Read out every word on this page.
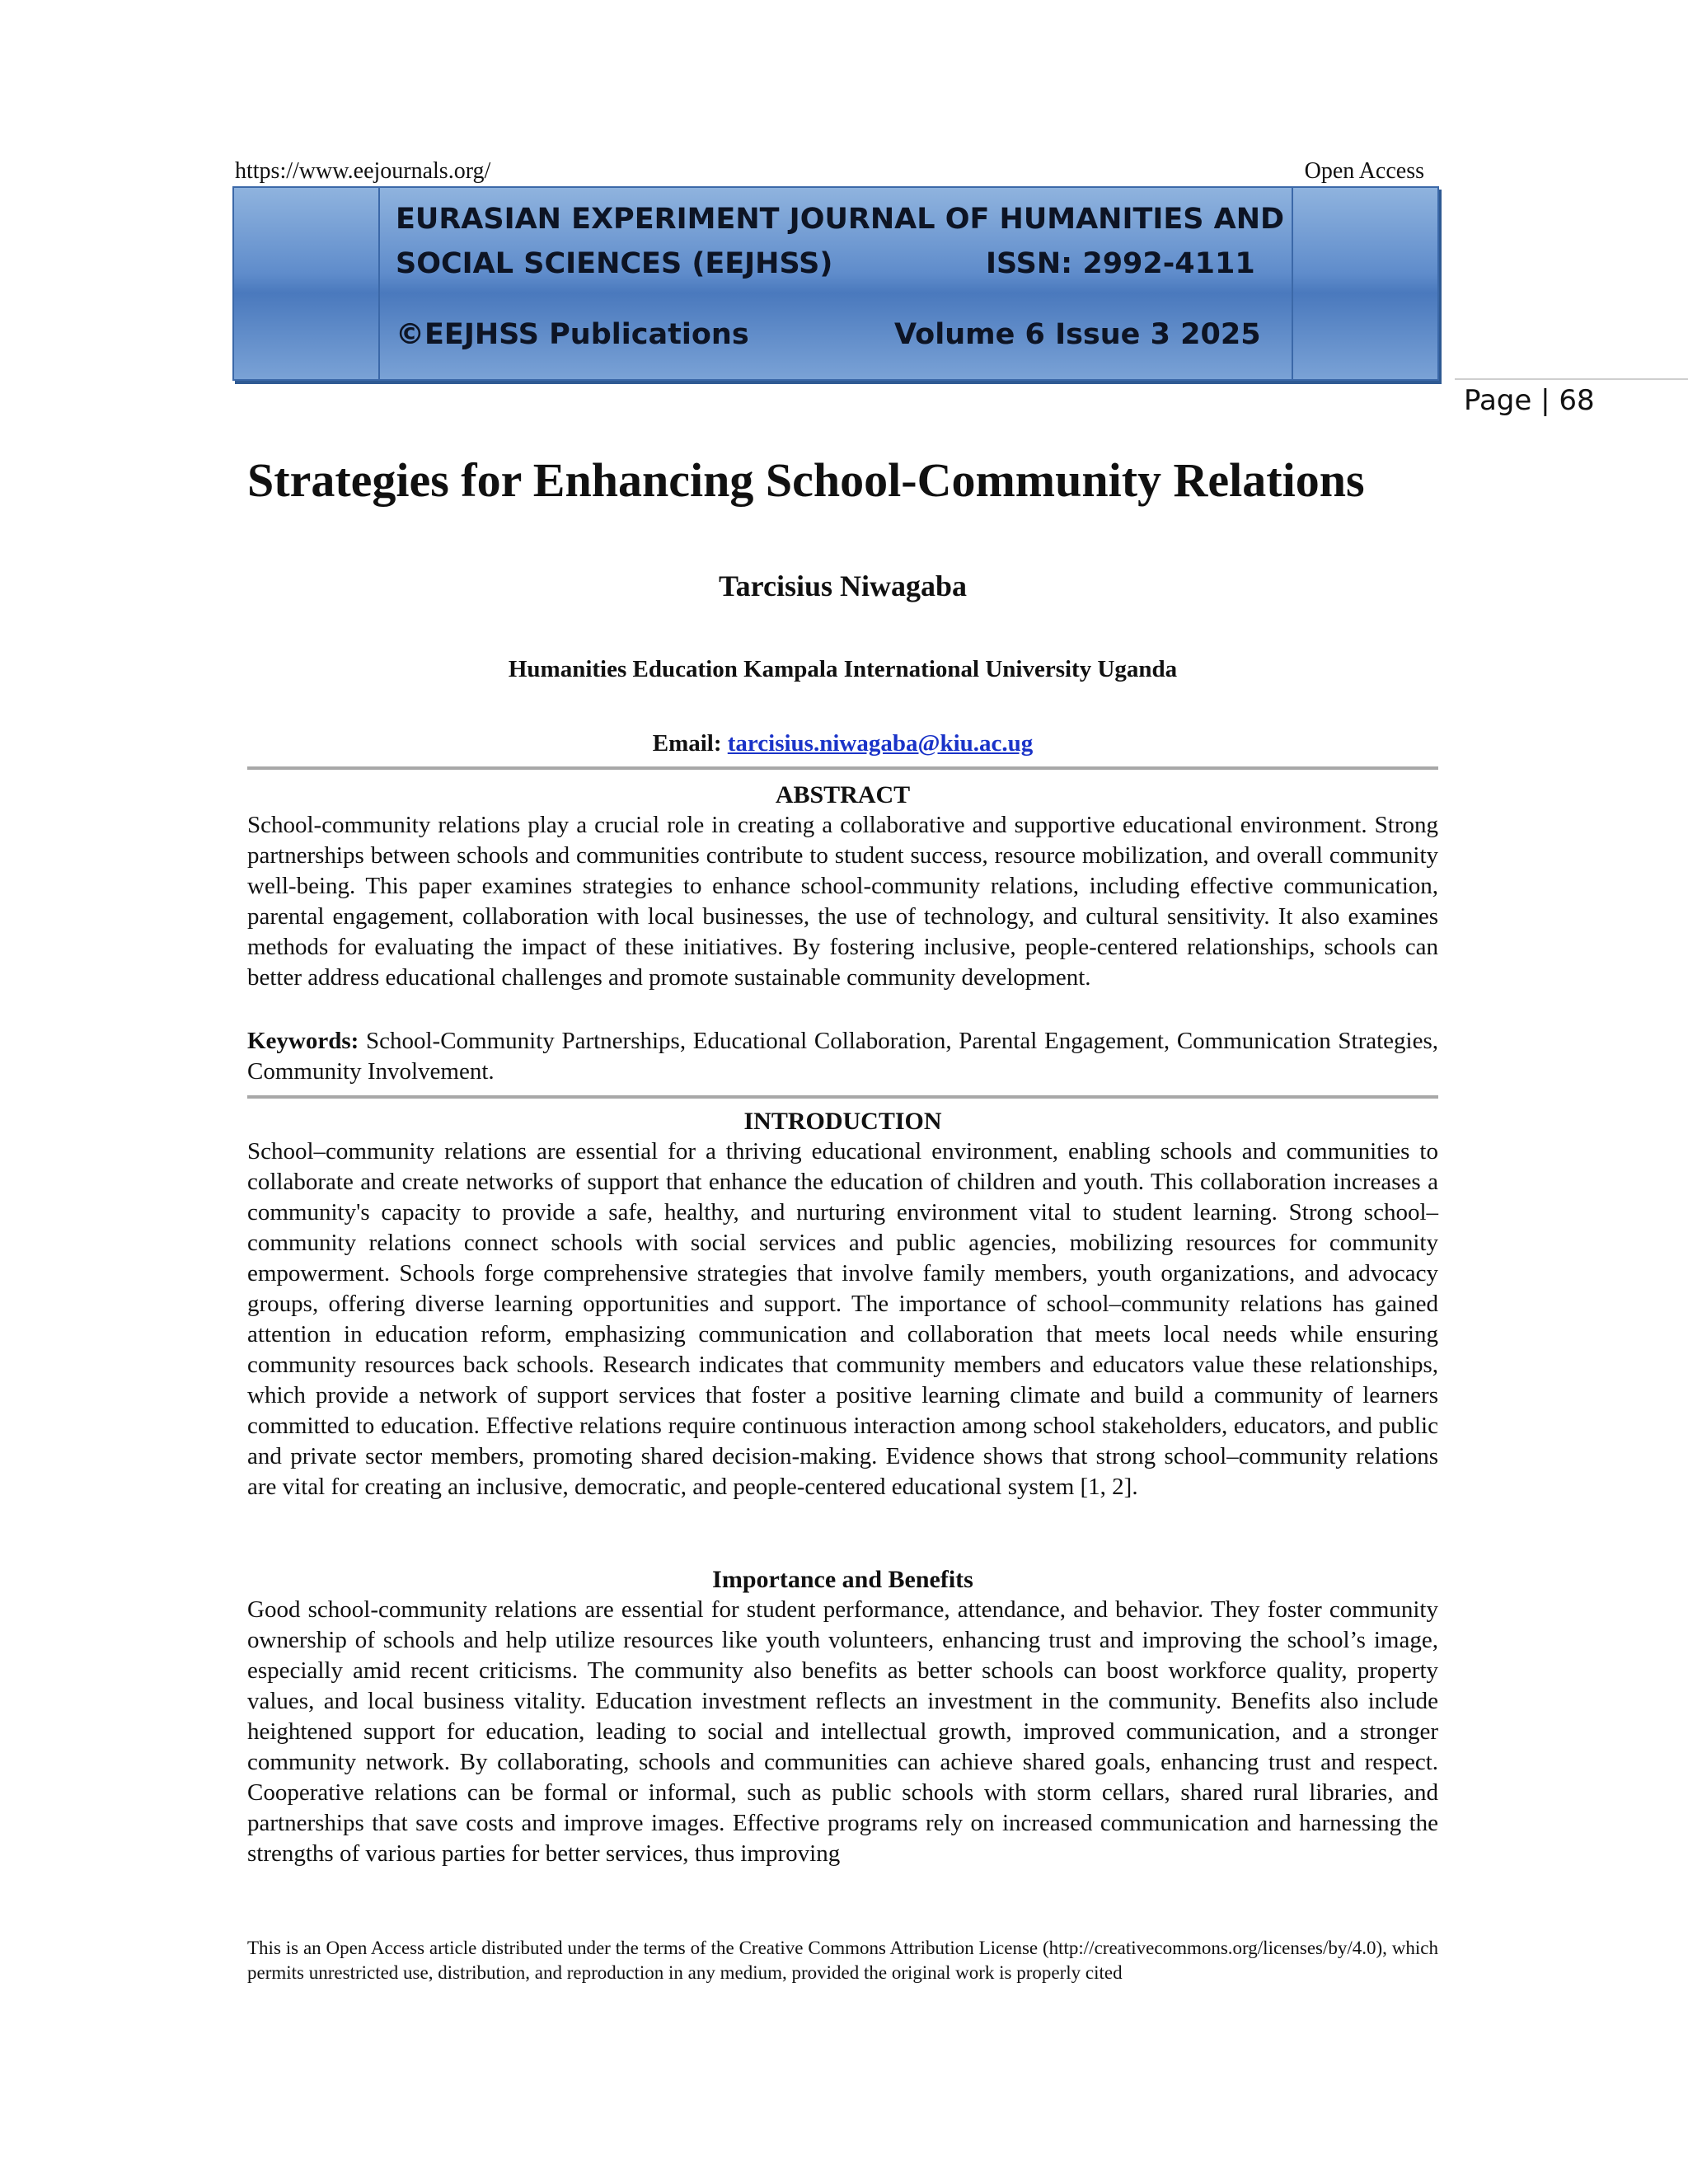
https://www.eejournals.org/	Open Access
EURASIAN EXPERIMENT JOURNAL OF HUMANITIES AND
SOCIAL SCIENCES (EEJHSS)	ISSN: 2992-4111
©EEJHSS Publications	Volume 6 Issue 3 2025
Page | 68
Strategies for Enhancing School-Community Relations
Tarcisius Niwagaba
Humanities Education Kampala International University Uganda
Email: tarcisius.niwagaba@kiu.ac.ug
ABSTRACT
School-community relations play a crucial role in creating a collaborative and supportive educational environment. Strong partnerships between schools and communities contribute to student success, resource mobilization, and overall community well-being. This paper examines strategies to enhance school-community relations, including effective communication, parental engagement, collaboration with local businesses, the use of technology, and cultural sensitivity. It also examines methods for evaluating the impact of these initiatives. By fostering inclusive, people-centered relationships, schools can better address educational challenges and promote sustainable community development.
Keywords: School-Community Partnerships, Educational Collaboration, Parental Engagement, Communication Strategies, Community Involvement.
INTRODUCTION
School–community relations are essential for a thriving educational environment, enabling schools and communities to collaborate and create networks of support that enhance the education of children and youth. This collaboration increases a community's capacity to provide a safe, healthy, and nurturing environment vital to student learning. Strong school–community relations connect schools with social services and public agencies, mobilizing resources for community empowerment. Schools forge comprehensive strategies that involve family members, youth organizations, and advocacy groups, offering diverse learning opportunities and support. The importance of school–community relations has gained attention in education reform, emphasizing communication and collaboration that meets local needs while ensuring community resources back schools. Research indicates that community members and educators value these relationships, which provide a network of support services that foster a positive learning climate and build a community of learners committed to education. Effective relations require continuous interaction among school stakeholders, educators, and public and private sector members, promoting shared decision-making. Evidence shows that strong school–community relations are vital for creating an inclusive, democratic, and people-centered educational system [1, 2].
Importance and Benefits
Good school-community relations are essential for student performance, attendance, and behavior. They foster community ownership of schools and help utilize resources like youth volunteers, enhancing trust and improving the school’s image, especially amid recent criticisms. The community also benefits as better schools can boost workforce quality, property values, and local business vitality. Education investment reflects an investment in the community. Benefits also include heightened support for education, leading to social and intellectual growth, improved communication, and a stronger community network. By collaborating, schools and communities can achieve shared goals, enhancing trust and respect. Cooperative relations can be formal or informal, such as public schools with storm cellars, shared rural libraries, and partnerships that save costs and improve images. Effective programs rely on increased communication and harnessing the strengths of various parties for better services, thus improving
This is an Open Access article distributed under the terms of the Creative Commons Attribution License (http://creativecommons.org/licenses/by/4.0), which permits unrestricted use, distribution, and reproduction in any medium, provided the original work is properly cited
